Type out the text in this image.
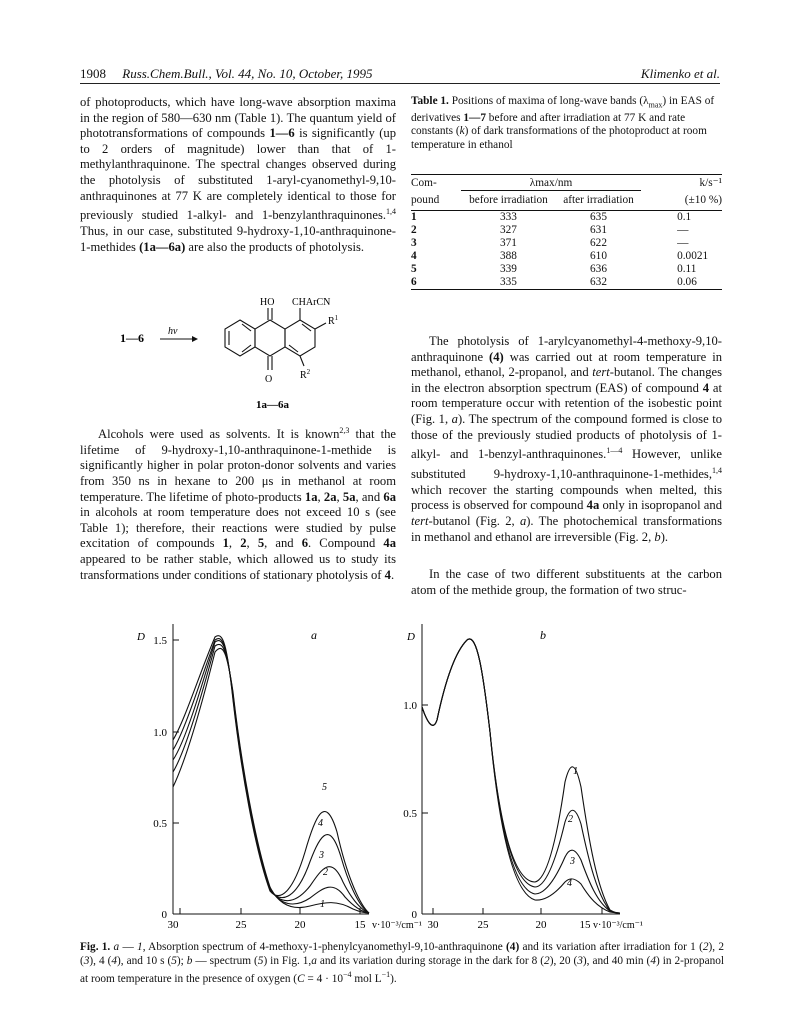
1908 Russ.Chem.Bull., Vol. 44, No. 10, October, 1995	Klimenko et al.

of photoproducts, which have long-wave absorption maxima in the region of 580—630 nm (Table 1). The quantum yield of phototransformations of compounds 1—6 is significantly (up to 2 orders of magnitude) lower than that of 1-methylanthraquinone. The spectral changes observed during the photolysis of substituted 1-aryl-cyanomethyl-9,10-anthraquinones at 77 K are completely identical to those for previously studied 1-alkyl- and 1-benzylanthraquinones.$^{1,4}$ Thus, in our case, substituted 9-hydroxy-1,10-anthraquinone-1-methides (1a—6a) are also the products of photolysis.

1—6 hν
HO CHArCN
$R^1$
O	$R^2$
1a—6a

Alcohols were used as solvents. It is known$^{2,3}$ that the lifetime of 9-hydroxy-1,10-anthraquinone-1-methide is significantly higher in polar proton-donor solvents and varies from 350 ns in hexane to 200 μs in methanol at room temperature. The lifetime of photo-products 1a, 2a, 5a, and 6a in alcohols at room temperature does not exceed 10 s (see Table 1); therefore, their reactions were studied by pulse excitation of compounds 1, 2, 5, and 6. Compound 4a appeared to be rather stable, which allowed us to study its transformations under conditions of stationary photolysis of 4.

Table 1. Positions of maxima of long-wave bands $(\lambda_{max})$ in EAS of derivatives 1—7 before and after irradiation at 77 K and rate constants (k) of dark transformations of the photoproduct at room temperature in ethanol

Com-	λmax/nm		k/s⁻¹
pound	before irradiation	after irradiation	(±10 %)
1	333	635	0.1
2	327	631	—
3	371	622	—
4	388	610	0.0021
5	339	636	0.11
6	335	632	0.06

The photolysis of 1-arylcyanomethyl-4-methoxy-9,10-anthraquinone (4) was carried out at room temperature in methanol, ethanol, 2-propanol, and tert-butanol. The changes in the electron absorption spectrum (EAS) of compound 4 at room temperature occur with retention of the isobestic point (Fig. 1, a). The spectrum of the compound formed is close to those of the previously studied products of photolysis of 1-alkyl- and 1-benzyl-anthraquinones.$^{1—4}$ However, unlike substituted 9-hydroxy-1,10-anthraquinone-1-methides,$^{1,4}$ which recover the starting compounds when melted, this process is observed for compound 4a only in isopropanol and tert-butanol (Fig. 2, a). The photochemical transformations in methanol and ethanol are irreversible (Fig. 2, b).

In the case of two different substituents at the carbon atom of the methide group, the formation of two struc-

D	a
1.5
1.0
0.5
0
30	25	20	15 v·10⁻³/cm⁻¹
1
2
3
4
5
D	b
1.0
0.5
0
30	25	20	15 v·10⁻³/cm⁻¹
1
2
3
4

Fig. 1. a — 1, Absorption spectrum of 4-methoxy-1-phenylcyanomethyl-9,10-anthraquinone (4) and its variation after irradiation for 1 (2), 2 (3), 4 (4), and 10 s (5); b — spectrum (5) in Fig. 1,a and its variation during storage in the dark for 8 (2), 20 (3), and 40 min (4) in 2-propanol at room temperature in the presence of oxygen ($C = 4 \cdot 10^{-4}$ mol $L^{-1}$).
